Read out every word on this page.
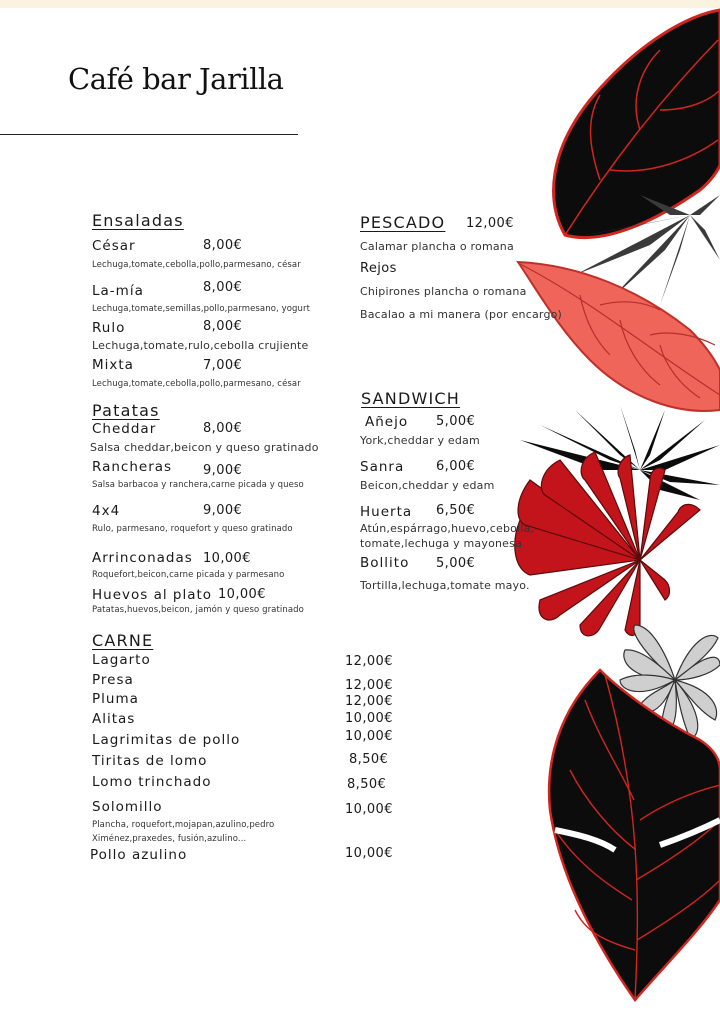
Café bar Jarilla
Ensaladas
César	8,00€
Lechuga,tomate,cebolla,pollo,parmesano, césar
La-mía	8,00€
Lechuga,tomate,semillas,pollo,parmesano, yogurt
Rulo	8,00€
Lechuga,tomate,rulo,cebolla crujiente
Mixta	7,00€
Lechuga,tomate,cebolla,pollo,parmesano, césar
Patatas
Cheddar	8,00€
Salsa cheddar,beicon y queso gratinado
Rancheras 9,00€
Salsa barbacoa y ranchera,carne picada y queso
4x4	9,00€
Rulo, parmesano, roquefort y queso gratinado
Arrinconadas 10,00€
Roquefort,beicon,carne picada y parmesano
Huevos al plato 10,00€
Patatas,huevos,beicon, jamón y queso gratinado
CARNE
Lagarto	12,00€
Presa	12,00€
Pluma	12,00€
Alitas	10,00€
Lagrimitas de pollo	10,00€
Tiritas de lomo	8,50€
Lomo trinchado	8,50€
Solomillo	10,00€
Plancha, roquefort,mojapan,azulino,pedro
Ximénez,praxedes, fusión,azulino...
Pollo azulino	10,00€
PESCADO 12,00€
Calamar plancha o romana
Rejos
Chipirones plancha o romana
Bacalao a mi manera (por encargo)
SANDWICH
Añejo 5,00€
York,cheddar y edam
Sanra 6,00€
Beicon,cheddar y edam
Huerta 6,50€
Atún,espárrago,huevo,cebolla,
tomate,lechuga y mayonesa
Bollito 5,00€
Tortilla,lechuga,tomate mayo.
